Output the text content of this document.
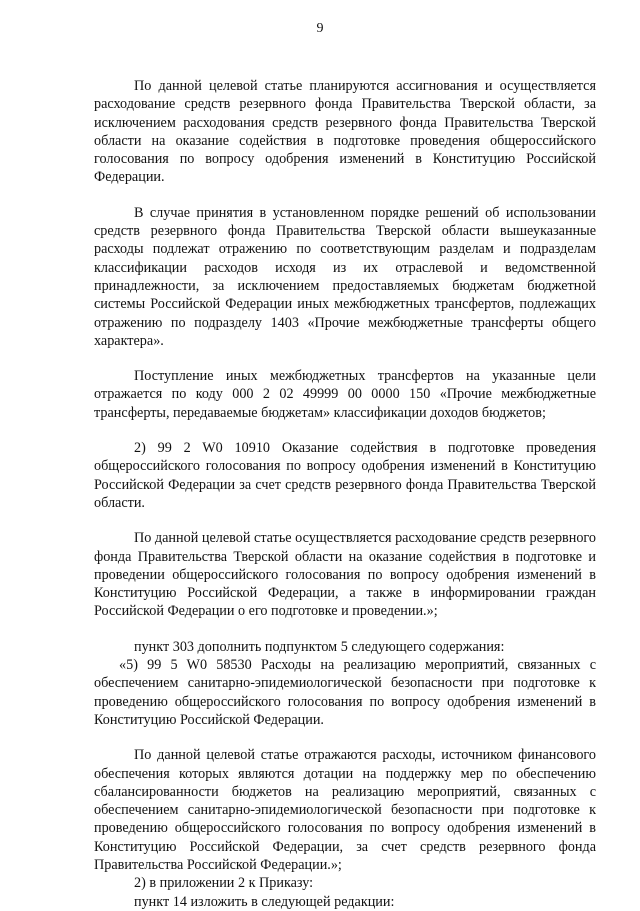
9

По данной целевой статье планируются ассигнования и осуществляется расходование средств резервного фонда Правительства Тверской области, за исключением расходования средств резервного фонда Правительства Тверской области на оказание содействия в подготовке проведения общероссийского голосования по вопросу одобрения изменений в Конституцию Российской Федерации.

В случае принятия в установленном порядке решений об использовании средств резервного фонда Правительства Тверской области вышеуказанные расходы подлежат отражению по соответствующим разделам и подразделам классификации расходов исходя из их отраслевой и ведомственной принадлежности, за исключением предоставляемых бюджетам бюджетной системы Российской Федерации иных межбюджетных трансфертов, подлежащих отражению по подразделу 1403 «Прочие межбюджетные трансферты общего характера».

Поступление иных межбюджетных трансфертов на указанные цели отражается по коду 000 2 02 49999 00 0000 150 «Прочие межбюджетные трансферты, передаваемые бюджетам» классификации доходов бюджетов;

2) 99 2 W0 10910 Оказание содействия в подготовке проведения общероссийского голосования по вопросу одобрения изменений в Конституцию Российской Федерации за счет средств резервного фонда Правительства Тверской области.

По данной целевой статье осуществляется расходование средств резервного фонда Правительства Тверской области на оказание содействия в подготовке и проведении общероссийского голосования по вопросу одобрения изменений в Конституцию Российской Федерации, а также в информировании граждан Российской Федерации о его подготовке и проведении.»;

пункт 303 дополнить подпунктом 5 следующего содержания:

«5) 99 5 W0 58530 Расходы на реализацию мероприятий, связанных с обеспечением санитарно-эпидемиологической безопасности при подготовке к проведению общероссийского голосования по вопросу одобрения изменений в Конституцию Российской Федерации.

По данной целевой статье отражаются расходы, источником финансового обеспечения которых являются дотации на поддержку мер по обеспечению сбалансированности бюджетов на реализацию мероприятий, связанных с обеспечением санитарно-эпидемиологической безопасности при подготовке к проведению общероссийского голосования по вопросу одобрения изменений в Конституцию Российской Федерации, за счет средств резервного фонда Правительства Российской Федерации.»;

2) в приложении 2 к Приказу:

пункт 14 изложить в следующей редакции:
